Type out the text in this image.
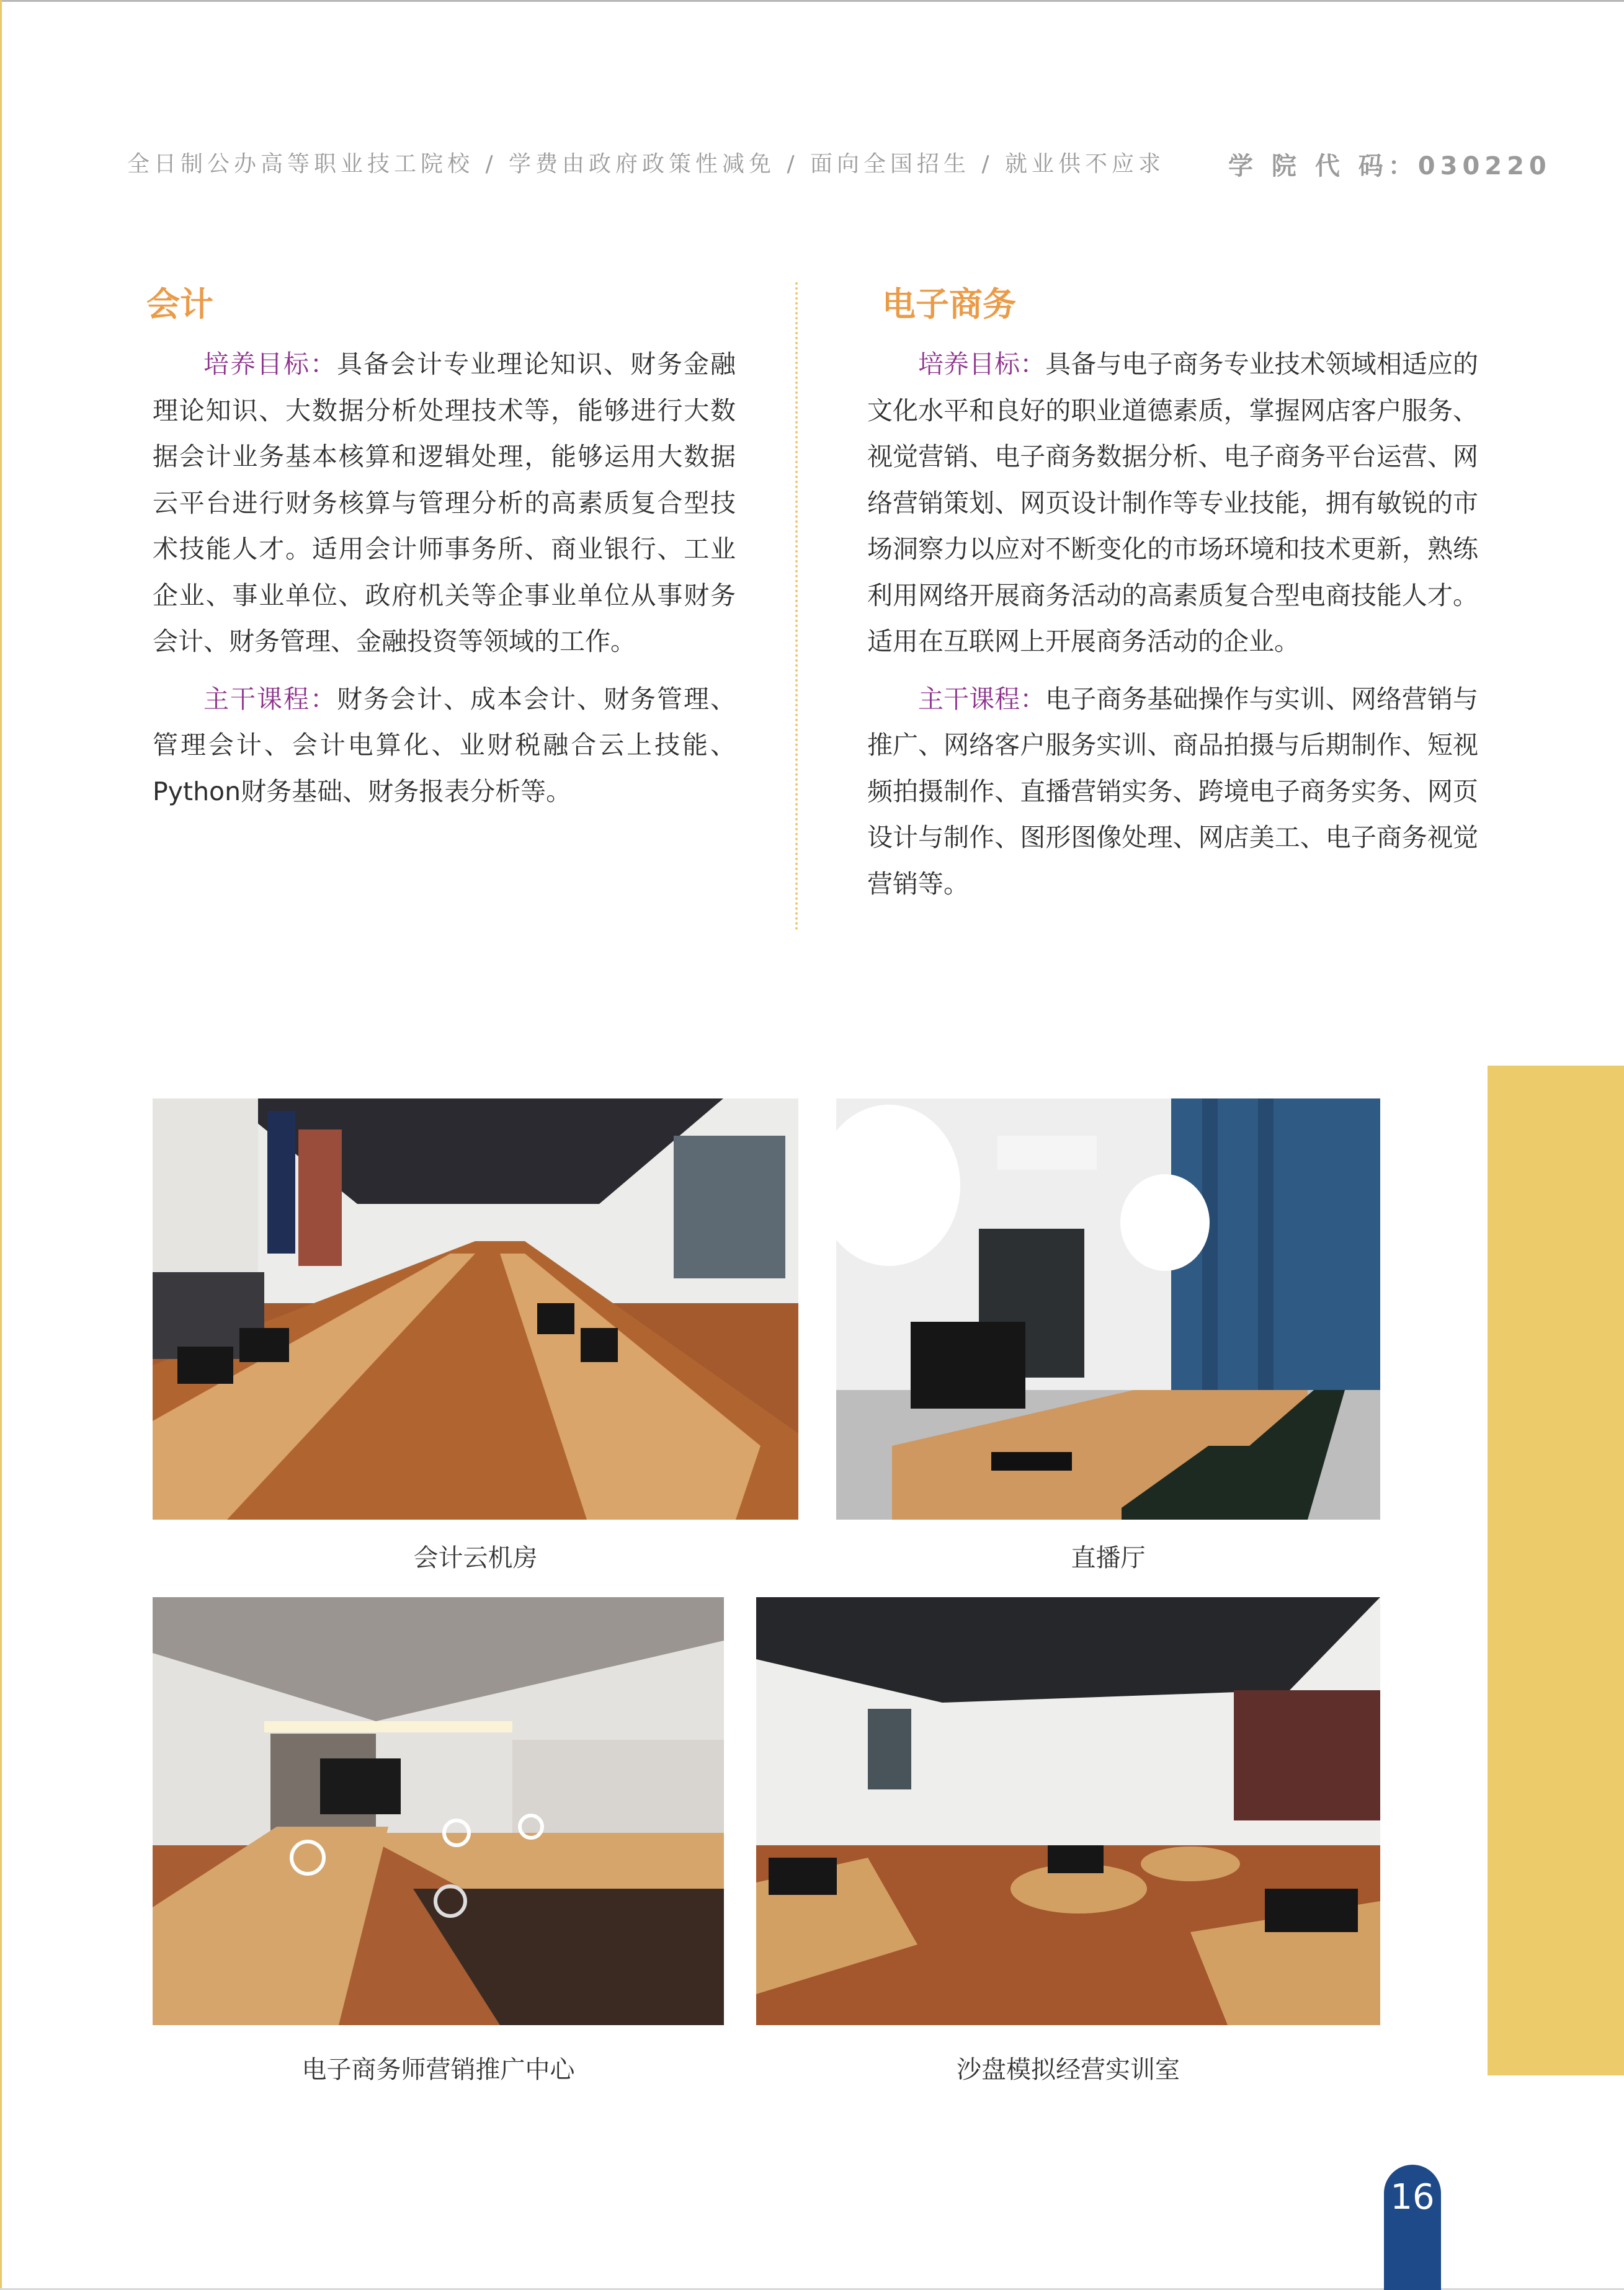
全日制公办高等职业技工院校 / 学费由政府政策性减免 / 面向全国招生 / 就业供不应求	学 院 代 码：030220
会计

培养目标：具备会计专业理论知识、财务金融理论知识、大数据分析处理技术等，能够进行大数据会计业务基本核算和逻辑处理，能够运用大数据云平台进行财务核算与管理分析的高素质复合型技术技能人才。适用会计师事务所、商业银行、工业企业、事业单位、政府机关等企事业单位从事财务会计、财务管理、金融投资等领域的工作。

主干课程：财务会计、成本会计、财务管理、管理会计、会计电算化、业财税融合云上技能、Python财务基础、财务报表分析等。

电子商务

培养目标：具备与电子商务专业技术领域相适应的文化水平和良好的职业道德素质，掌握网店客户服务、视觉营销、电子商务数据分析、电子商务平台运营、网络营销策划、网页设计制作等专业技能，拥有敏锐的市场洞察力以应对不断变化的市场环境和技术更新，熟练利用网络开展商务活动的高素质复合型电商技能人才。适用在互联网上开展商务活动的企业。

主干课程：电子商务基础操作与实训、网络营销与推广、网络客户服务实训、商品拍摄与后期制作、短视频拍摄制作、直播营销实务、跨境电子商务实务、网页设计与制作、图形图像处理、网店美工、电子商务视觉营销等。

会计云机房	直播厅
电子商务师营销推广中心	沙盘模拟经营实训室
16
